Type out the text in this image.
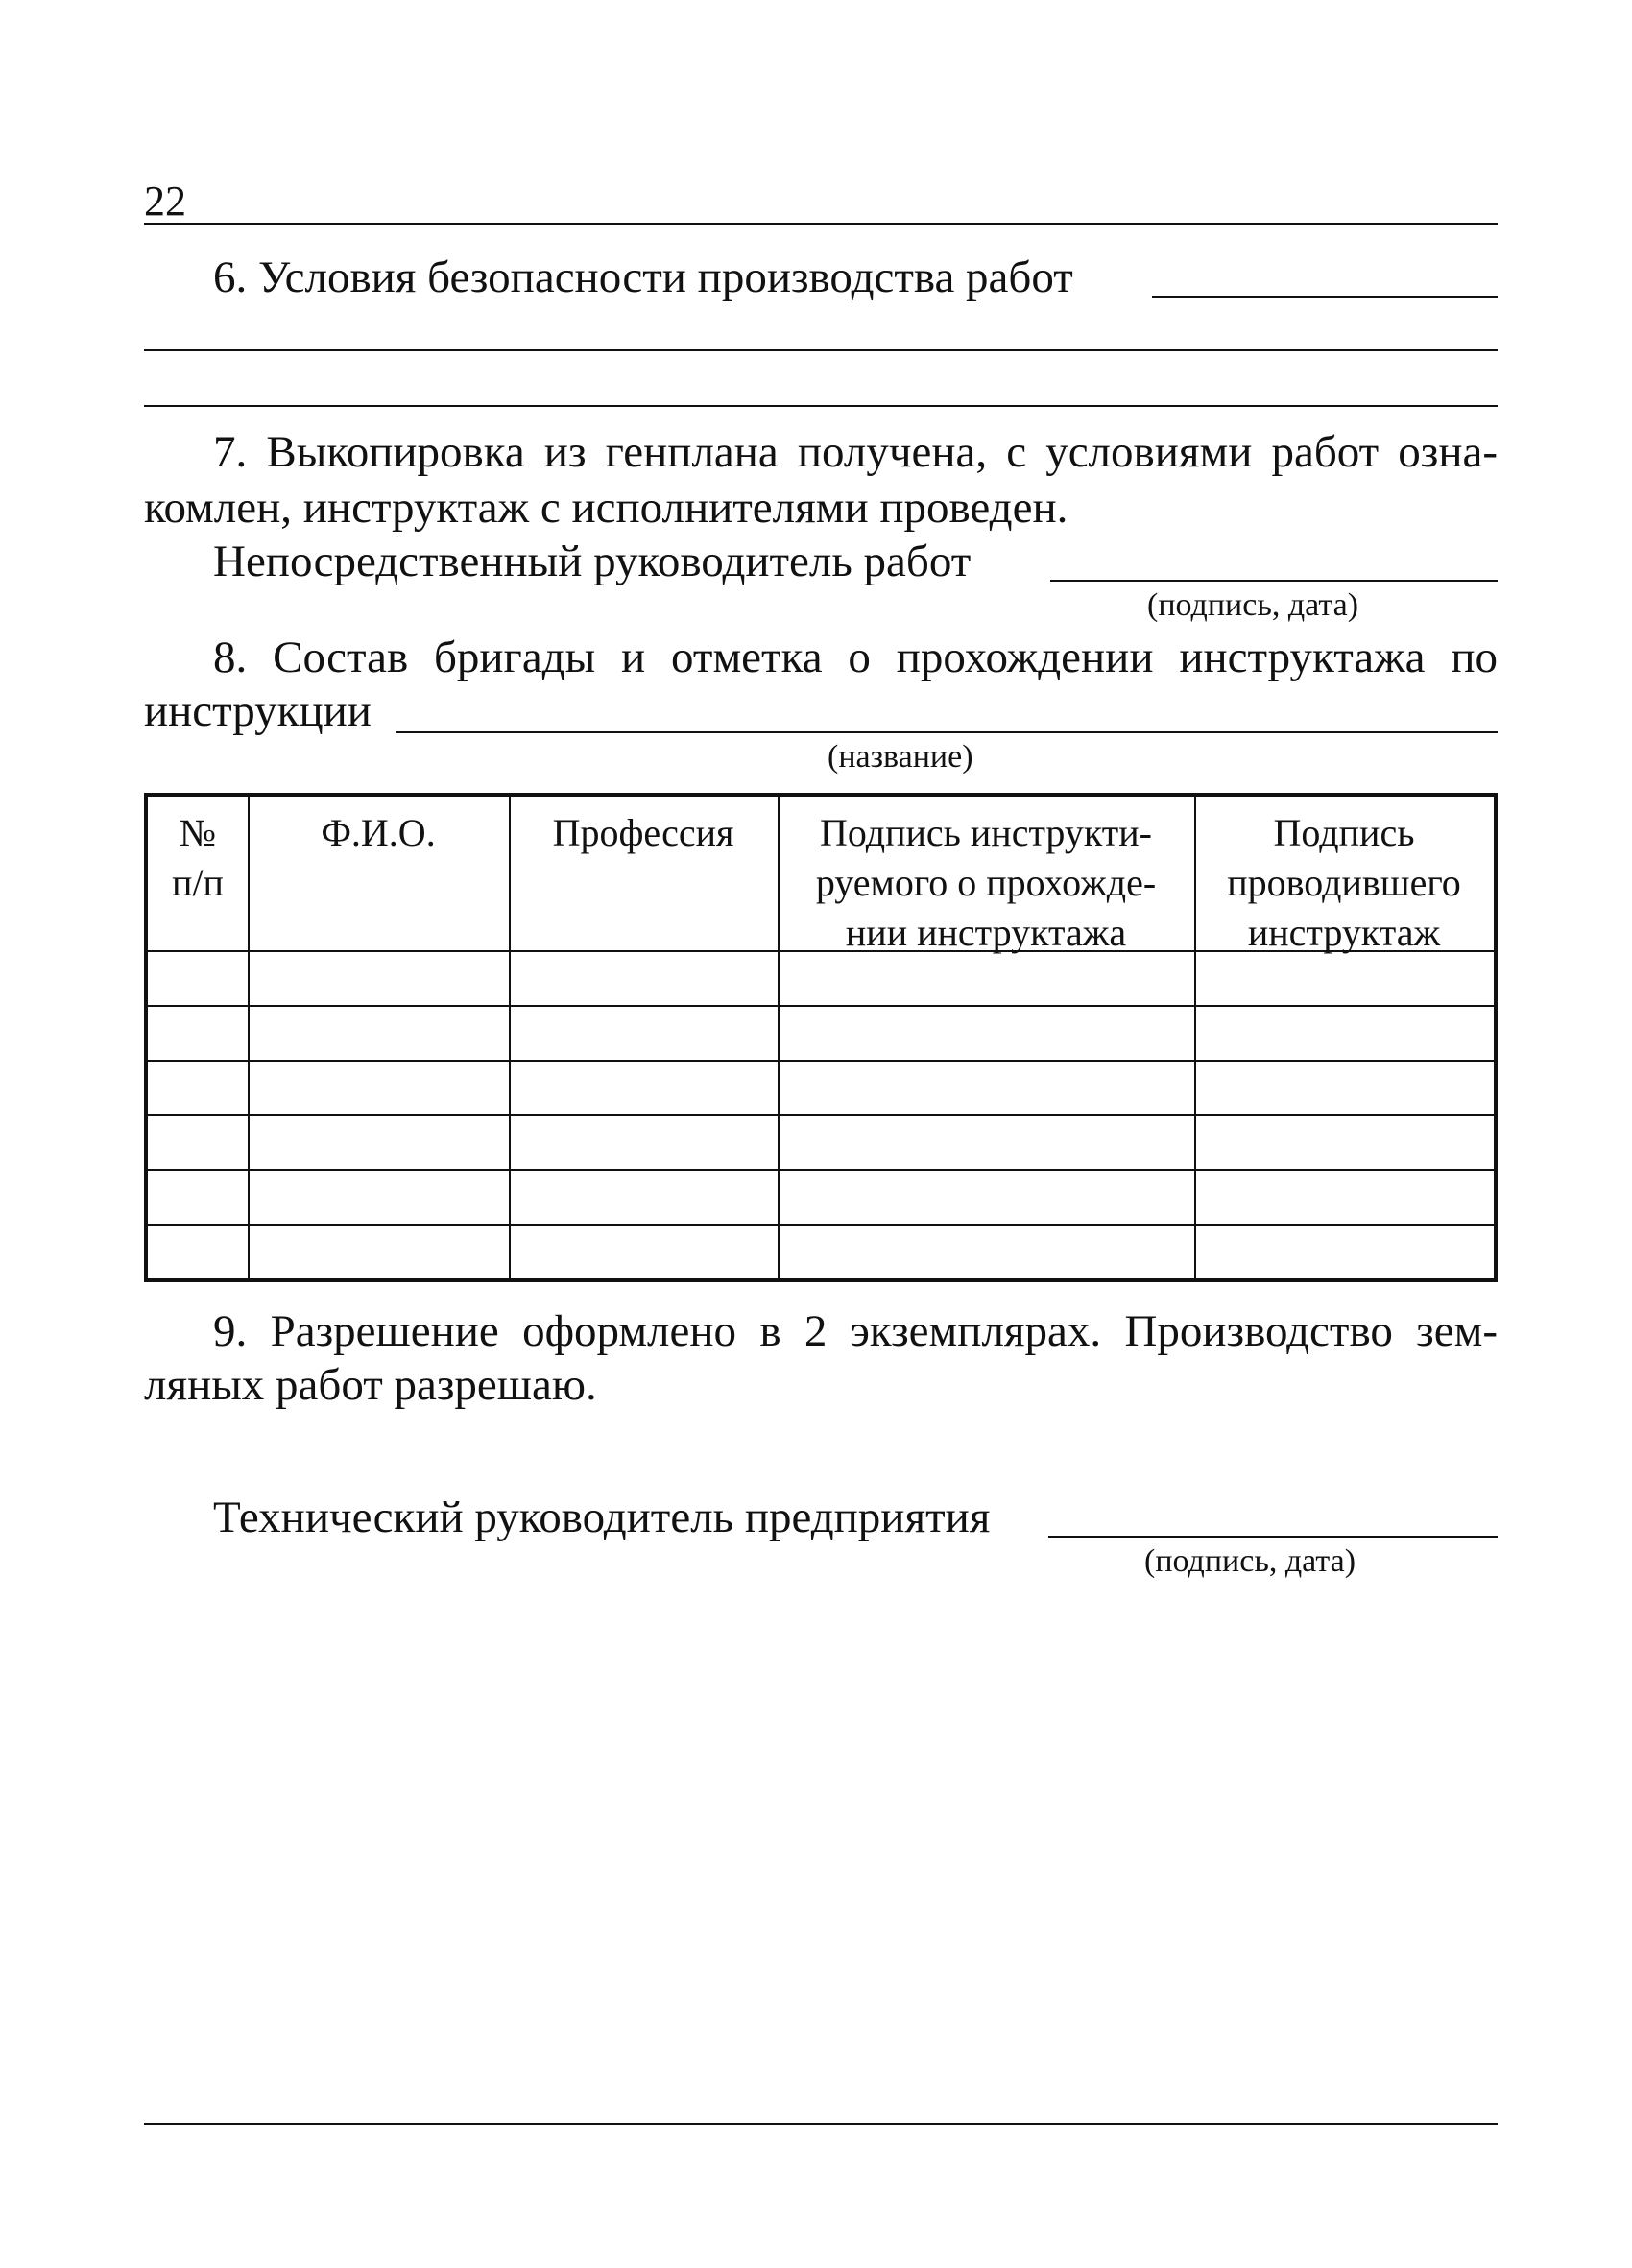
22
6. Условия безопасности производства работ
7. Выкопировка из генплана получена, с условиями работ озна-
комлен, инструктаж с исполнителями проведен.
Непосредственный руководитель работ
(подпись, дата)
8. Состав бригады и отметка о прохождении инструктажа по
инструкции
(название)
№
п/п
Ф.И.О.	Профессия	Подпись инструкти-
руемого о прохожде-
нии инструктажа
Подпись
проводившего
инструктаж
9. Разрешение оформлено в 2 экземплярах. Производство зем-
ляных работ разрешаю.
Технический руководитель предприятия
(подпись, дата)
